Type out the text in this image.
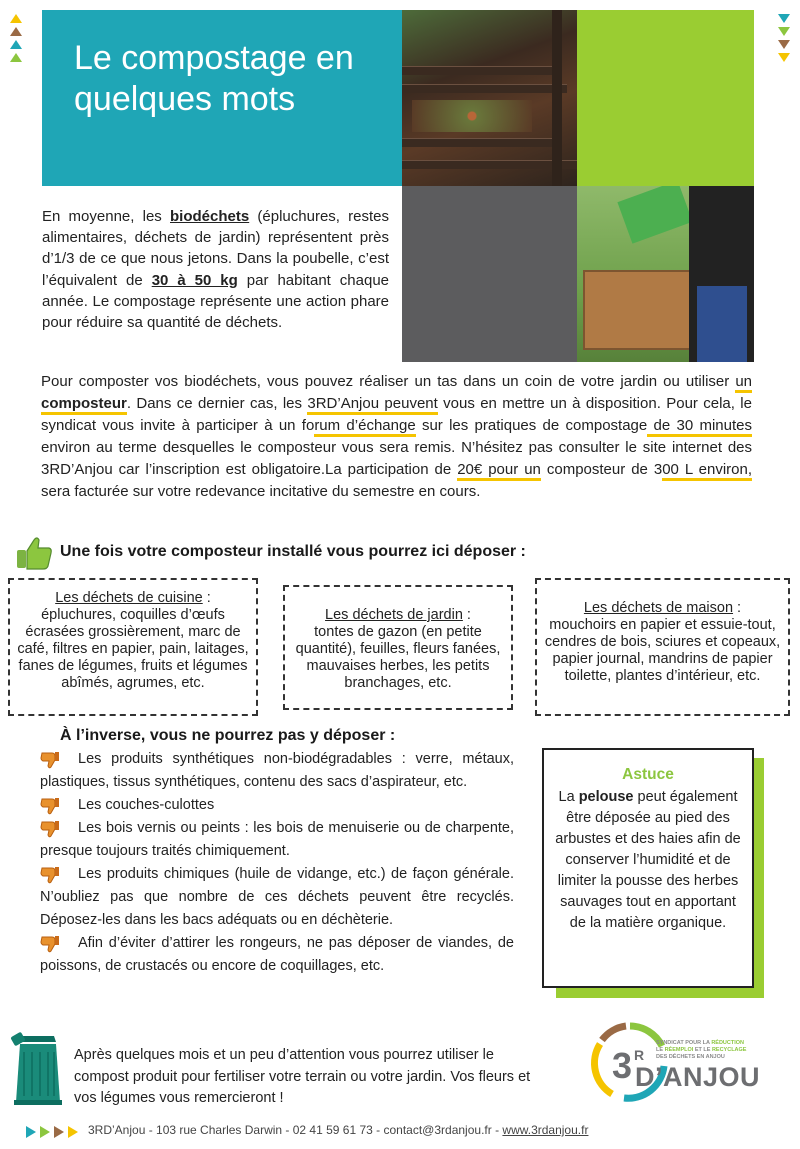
Le compostage en quelques mots

En moyenne, les biodéchets (épluchures, restes alimentaires, déchets de jardin) représentent près d’1/3 de ce que nous jetons. Dans la poubelle, c’est l’équivalent de 30 à 50 kg par habitant chaque année. Le compostage représente une action phare pour réduire sa quantité de déchets.

Pour composter vos biodéchets, vous pouvez réaliser un tas dans un coin de votre jardin ou utiliser un composteur. Dans ce dernier cas, les 3RD’Anjou peuvent vous en mettre un à disposition. Pour cela, le syndicat vous invite à participer à un forum d’échange sur les pratiques de compostage de 30 minutes environ au terme desquelles le composteur vous sera remis. N’hésitez pas consulter le site internet des 3RD’Anjou car l’inscription est obligatoire.La participation de 20€ pour un composteur de 300 L environ, sera facturée sur votre redevance incitative du semestre en cours.

Une fois votre composteur installé vous pourrez ici déposer :
Les déchets de cuisine :
épluchures, coquilles d’œufs écrasées grossièrement, marc de café, filtres en papier, pain, laitages, fanes de légumes, fruits et légumes abîmés, agrumes, etc.
Les déchets de jardin :
tontes de gazon (en petite quantité), feuilles, fleurs fanées, mauvaises herbes, les petits branchages, etc.
Les déchets de maison :
mouchoirs en papier et essuie-tout, cendres de bois, sciures et copeaux, papier journal, mandrins de papier toilette, plantes d’intérieur, etc.
À l’inverse, vous ne pourrez pas y déposer :
Les produits synthétiques non-biodégradables : verre, métaux, plastiques, tissus synthétiques, contenu des sacs d’aspirateur, etc.
Les couches-culottes
Les bois vernis ou peints : les bois de menuiserie ou de charpente, presque toujours traités chimiquement.
Les produits chimiques (huile de vidange, etc.) de façon générale. N’oubliez pas que nombre de ces déchets peuvent être recyclés. Déposez-les dans les bacs adéquats ou en déchèterie.
Afin d’éviter d’attirer les rongeurs, ne pas déposer de viandes, de poissons, de crustacés ou encore de coquillages, etc.
Astuce
La pelouse peut également être déposée au pied des arbustes et des haies afin de conserver l’humidité et de limiter la pousse des herbes sauvages tout en apportant de la matière organique.

Après quelques mois et un peu d’attention vous pourrez utiliser le compost produit pour fertiliser votre terrain ou votre jardin. Vos fleurs et vos légumes vous remercieront !

3 R
SYNDICAT POUR LA RÉDUCTION
LE RÉEMPLOI ET LE RECYCLAGE
DES DÉCHETS EN ANJOU
D’ANJOU
3RD’Anjou - 103 rue Charles Darwin - 02 41 59 61 73 - contact@3rdanjou.fr - www.3rdanjou.fr
